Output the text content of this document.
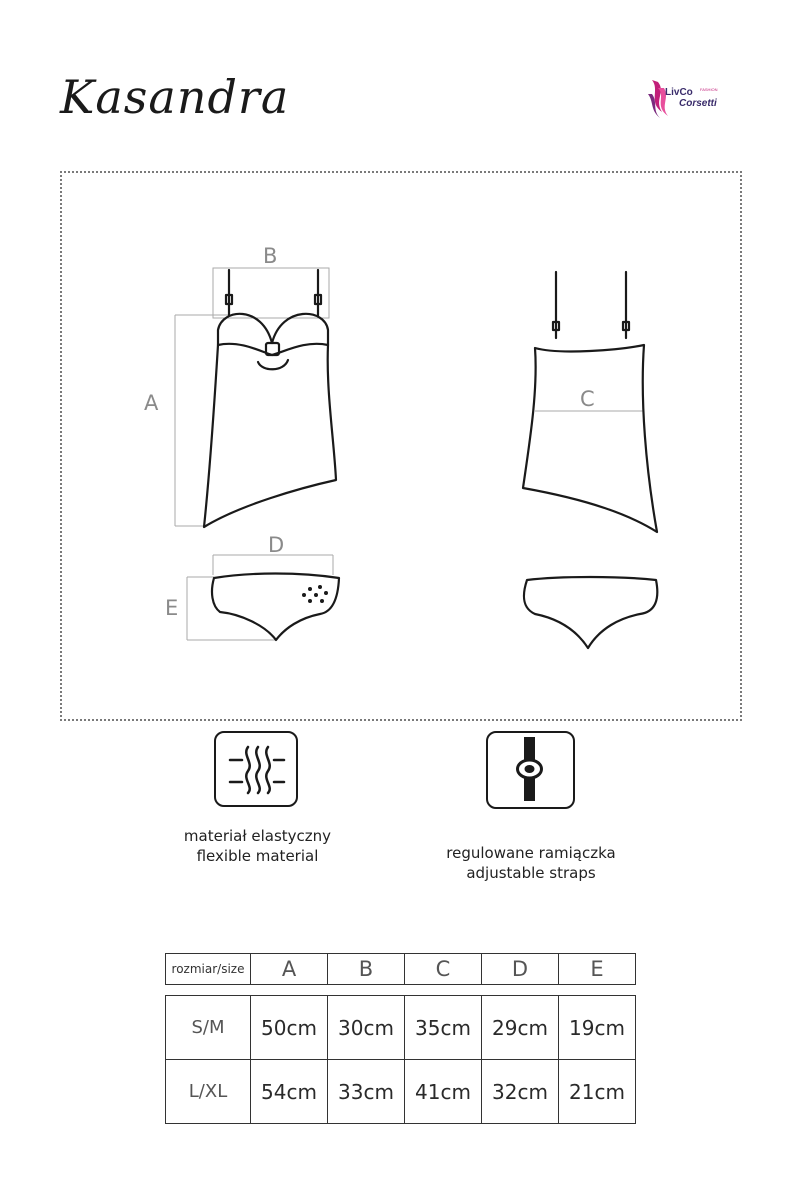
Kasandra	LivCo FASHION
Corsetti
B
A
D
E
C
materiał elastyczny
flexible material	regulowane ramiączka
adjustable straps
rozmiar/size	A	B	C	D	E

S/M	50cm	30cm	35cm	29cm	19cm
L/XL	54cm	33cm	41cm	32cm	21cm
